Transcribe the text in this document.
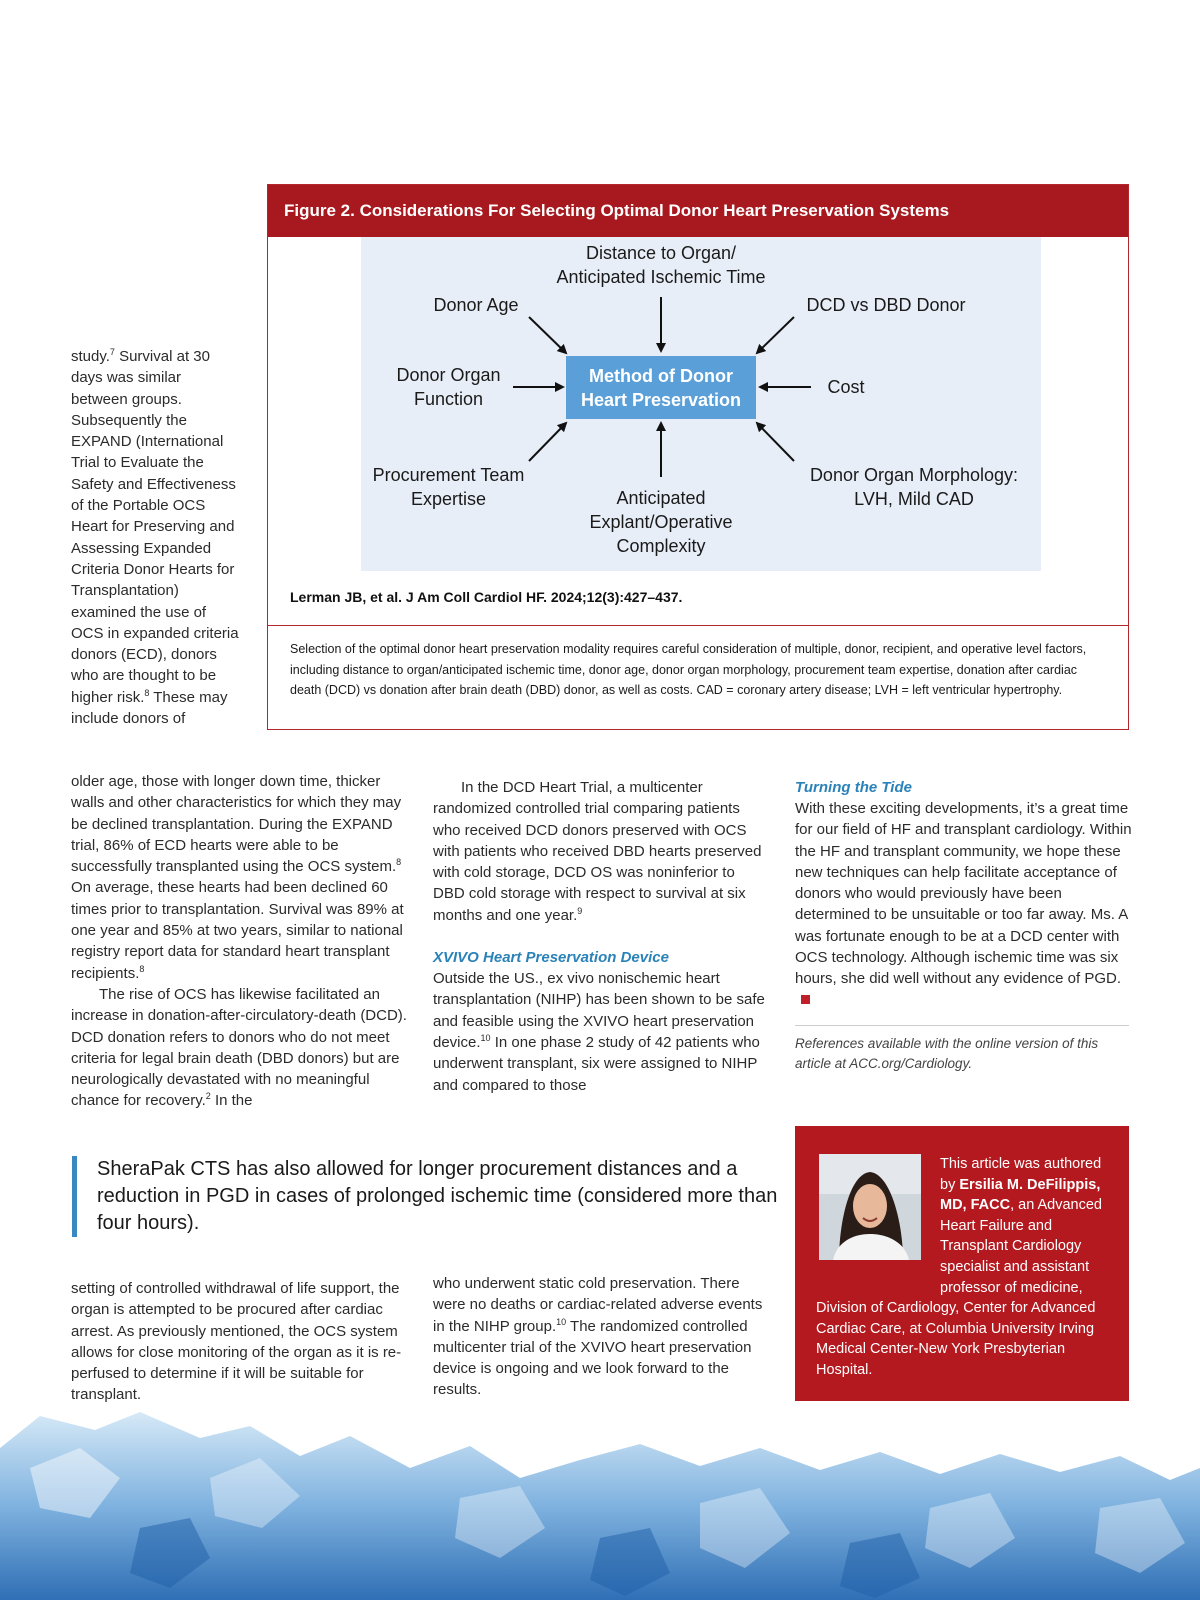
Figure 2. Considerations For Selecting Optimal Donor Heart Preservation Systems
Distance to Organ/
Anticipated Ischemic Time
Donor Age	DCD vs DBD Donor
Donor Organ
Function
Cost
Method of Donor
Heart Preservation
Procurement Team
Expertise	Anticipated
Explant/Operative
Complexity
Donor Organ Morphology:
LVH, Mild CAD
Lerman JB, et al. J Am Coll Cardiol HF. 2024;12(3):427–437.
Selection of the optimal donor heart preservation modality requires careful consideration of multiple, donor, recipient, and operative level factors, including distance to organ/anticipated ischemic time, donor age, donor organ morphology, procurement team expertise, donation after cardiac death (DCD) vs donation after brain death (DBD) donor, as well as costs. CAD = coronary artery disease; LVH = left ventricular hypertrophy.

study.$^7$ Survival at 30 days was similar between groups. Subsequently the EXPAND (International Trial to Evaluate the Safety and Effectiveness of the Portable OCS Heart for Preserving and Assessing Expanded Criteria Donor Hearts for Transplantation) examined the use of OCS in expanded criteria donors (ECD), donors who are thought to be higher risk.$^8$ These may include donors of

older age, those with longer down time, thicker walls and other characteristics for which they may be declined transplantation. During the EXPAND trial, 86% of ECD hearts were able to be successfully transplanted using the OCS system.$^8$ On average, these hearts had been declined 60 times prior to transplantation. Survival was 89% at one year and 85% at two years, similar to national registry report data for standard heart transplant recipients.$^8$

The rise of OCS has likewise facilitated an increase in donation-after-circulatory-death (DCD). DCD donation refers to donors who do not meet criteria for legal brain death (DBD donors) but are neurologically devastated with no meaningful chance for recovery.$^2$ In the

setting of controlled withdrawal of life support, the organ is attempted to be procured after cardiac arrest. As previously mentioned, the OCS system allows for close monitoring of the organ as it is re-perfused to determine if it will be suitable for transplant.

In the DCD Heart Trial, a multicenter randomized controlled trial comparing patients who received DCD donors preserved with OCS with patients who received DBD hearts preserved with cold storage, DCD OS was noninferior to DBD cold storage with respect to survival at six months and one year.$^9$

XVIVO Heart Preservation Device

Outside the US., ex vivo nonischemic heart transplantation (NIHP) has been shown to be safe and feasible using the XVIVO heart preservation device.$^{10}$ In one phase 2 study of 42 patients who underwent transplant, six were assigned to NIHP and compared to those

who underwent static cold preservation. There were no deaths or cardiac-related adverse events in the NIHP group.$^{10}$ The randomized controlled multicenter trial of the XVIVO heart preservation device is ongoing and we look forward to the results.

Turning the Tide

With these exciting developments, it’s a great time for our field of HF and transplant cardiology. Within the HF and transplant community, we hope these new techniques can help facilitate acceptance of donors who would previously have been determined to be unsuitable or too far away. Ms. A was fortunate enough to be at a DCD center with OCS technology. Although ischemic time was six hours, she did well without any evidence of PGD.

References available with the online version of this article at ACC.org/Cardiology.
SheraPak CTS has also allowed for longer procurement distances and a reduction in PGD in cases of prolonged ischemic time (considered more than four hours).
This article was authored by Ersilia M. DeFilippis, MD, FACC, an Advanced Heart Failure and Transplant Cardiology specialist and assistant professor of medicine, Division of Cardiology, Center for Advanced Cardiac Care, at Columbia University Irving Medical Center-New York Presbyterian Hospital.
